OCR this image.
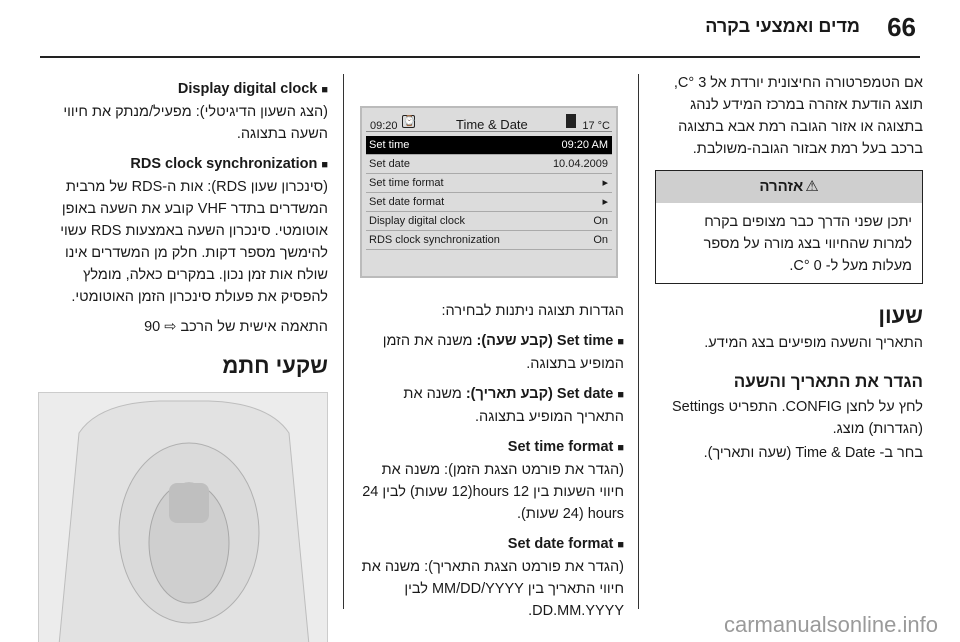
66
מדים ואמצעי בקרה
אם הטמפרטורה החיצונית יורדת אל 3 °C, תוצג הודעת אזהרה במרכז המידע לנהג בתצוגה או אזור הגובה רמת אבא בתצוגה ברכב בעל רמת אבזור הגובה-משולבת.
⚠אזהרה
יתכן שפני הדרך כבר מצופים בקרח למרות שהחיווי בצג מורה על מספר מעלות מעל ל- 0 °C.
שעון
התאריך והשעה מופיעים בצג המידע.
הגדר את התאריך והשעה
לחץ על לחצן CONFIG. התפריט Settings (הגדרות) מוצג.
בחר ב- Time & Date (שעה ותאריך).
09:20 ⌚	Time & Date	17 °C
Set time	09:20 AM
Set date	10.04.2009
Set time format	▸
Set date format	▸
Display digital clock	On
RDS clock synchronization	On
הגדרות תצוגה ניתנות לבחירה:
■Set time (קבע שעה): משנה את הזמן המופיע בתצוגה.
■Set date (קבע תאריך): משנה את התאריך המופיע בתצוגה.
■Set time format
(הגדר את פורמט הצגת הזמן): משנה את חיווי השעות בין 12 hours(12 שעות) לבין 24 hours (24 שעות).
■Set date format
(הגדר את פורמט הצגת התאריך): משנה את חיווי התאריך בין MM/DD/YYYY לבין DD.MM.YYYY.
■Display digital clock
(הצג השעון הדיגיטלי): מפעיל/מנתק את חיווי השעה בתצוגה.
■RDS clock synchronization
(סינכרון שעון RDS): אות ה-RDS של מרבית המשדרים בתדר VHF קובע את השעה באופן אוטומטי. סינכרון השעה באמצעות RDS עשוי להימשך מספר דקות. חלק מן המשדרים אינו שולח אות זמן נכון. במקרים כאלה, מומלץ להפסיק את פעולת סינכרון הזמן האוטומטי.
התאמה אישית של הרכב ⇨ 90
שקעי חתמ
carmanualsonline.info
